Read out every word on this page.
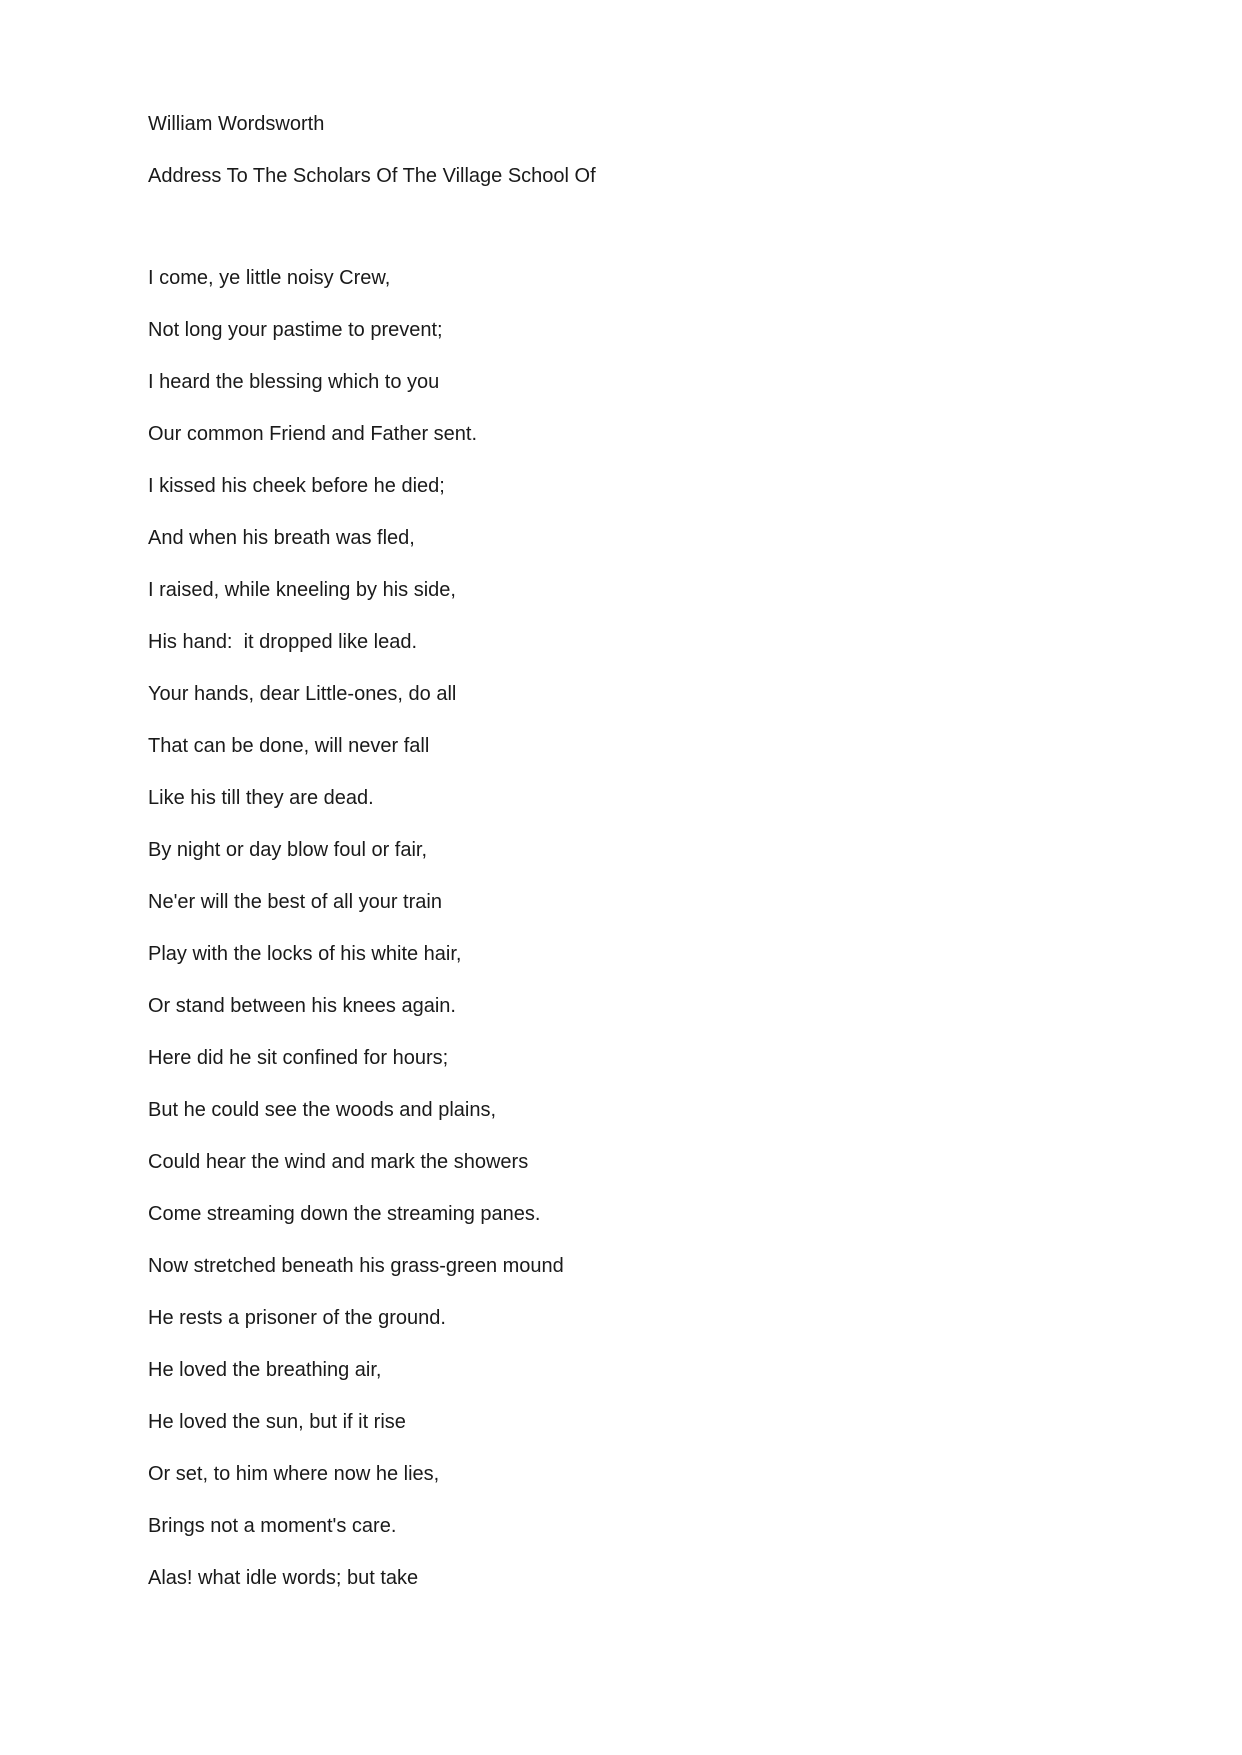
William Wordsworth

Address To The Scholars Of The Village School Of

I come, ye little noisy Crew,

Not long your pastime to prevent;

I heard the blessing which to you

Our common Friend and Father sent.

I kissed his cheek before he died;

And when his breath was fled,

I raised, while kneeling by his side,

His hand:  it dropped like lead.

Your hands, dear Little-ones, do all

That can be done, will never fall

Like his till they are dead.

By night or day blow foul or fair,

Ne'er will the best of all your train

Play with the locks of his white hair,

Or stand between his knees again.

Here did he sit confined for hours;

But he could see the woods and plains,

Could hear the wind and mark the showers

Come streaming down the streaming panes.

Now stretched beneath his grass-green mound

He rests a prisoner of the ground.

He loved the breathing air,

He loved the sun, but if it rise

Or set, to him where now he lies,

Brings not a moment's care.

Alas! what idle words; but take
